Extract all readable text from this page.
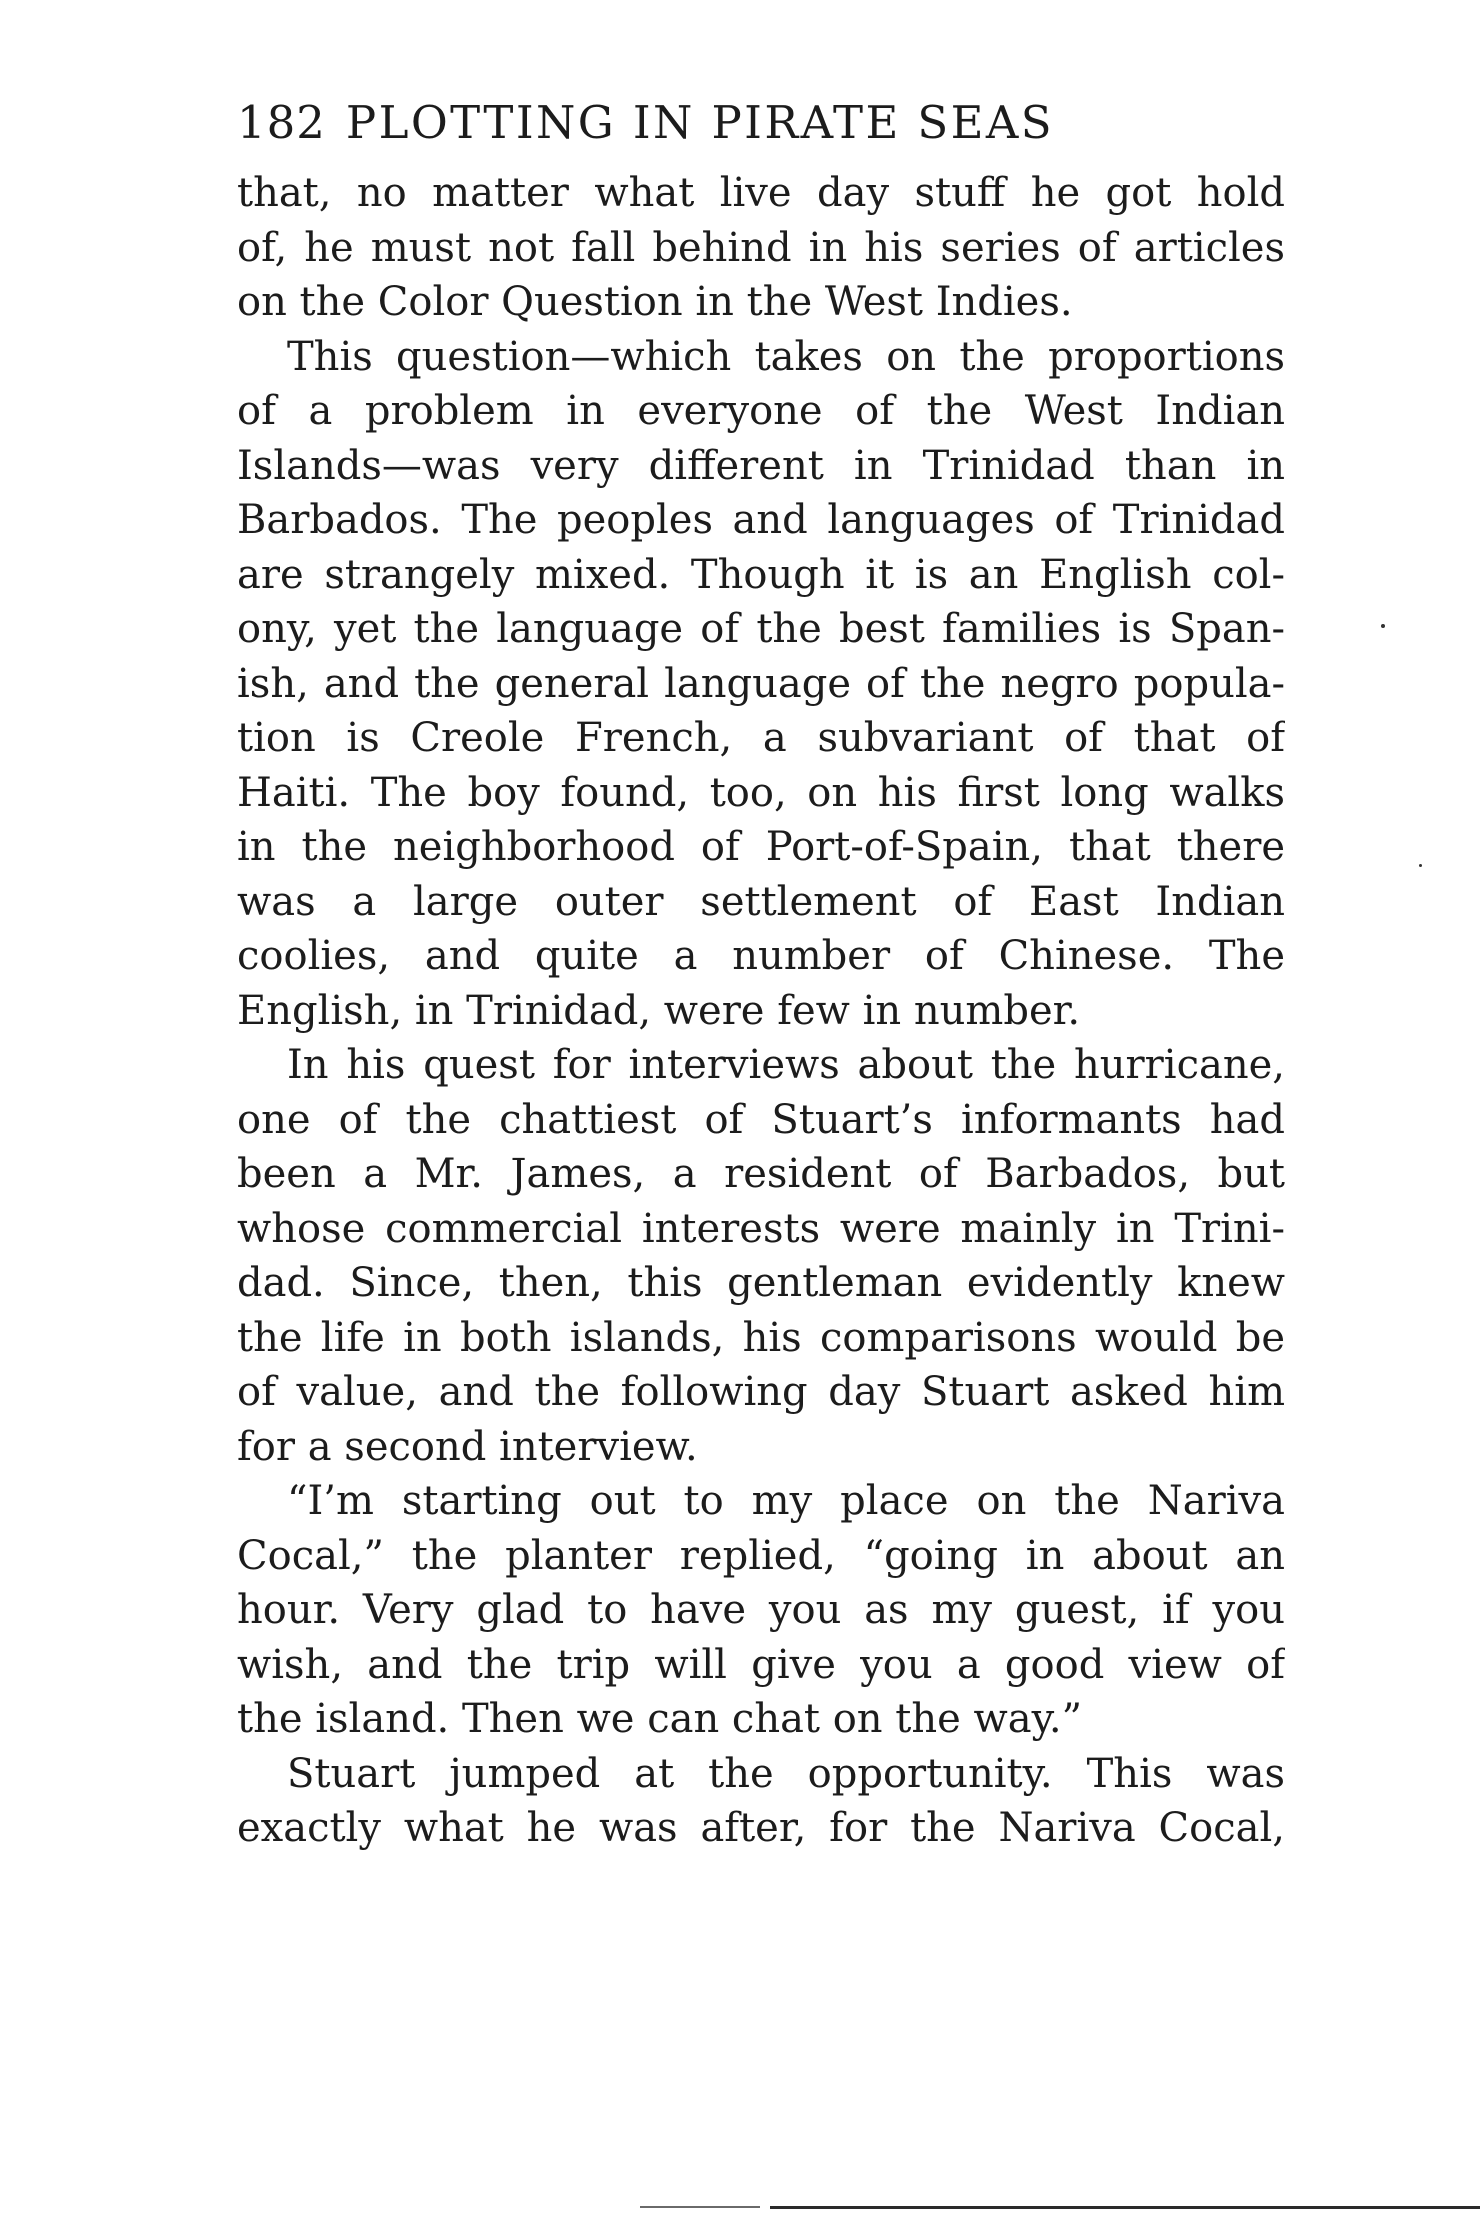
182 PLOTTING IN PIRATE SEAS
that, no matter what live day stuff he got hold
of, he must not fall behind in his series of articles
on the Color Question in the West Indies.
This question—which takes on the proportions
of a problem in everyone of the West Indian
Islands—was very different in Trinidad than in
Barbados. The peoples and languages of Trinidad
are strangely mixed. Though it is an English col-
ony, yet the language of the best families is Span-
ish, and the general language of the negro popula-
tion is Creole French, a subvariant of that of
Haiti. The boy found, too, on his first long walks
in the neighborhood of Port-of-Spain, that there
was a large outer settlement of East Indian
coolies, and quite a number of Chinese. The
English, in Trinidad, were few in number.
In his quest for interviews about the hurricane,
one of the chattiest of Stuart’s informants had
been a Mr. James, a resident of Barbados, but
whose commercial interests were mainly in Trini-
dad. Since, then, this gentleman evidently knew
the life in both islands, his comparisons would be
of value, and the following day Stuart asked him
for a second interview.
“I’m starting out to my place on the Nariva
Cocal,” the planter replied, “going in about an
hour. Very glad to have you as my guest, if you
wish, and the trip will give you a good view of
the island. Then we can chat on the way.”
Stuart jumped at the opportunity. This was
exactly what he was after, for the Nariva Cocal,
